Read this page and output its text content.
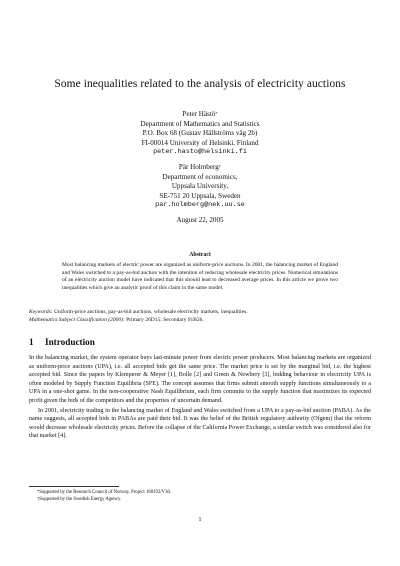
Some inequalities related to the analysis of electricity auctions
Peter Hästö*
Department of Mathematics and Statistics
P.O. Box 68 (Gustav Hällströms väg 2b)
FI-00014 University of Helsinki, Finland
peter.hasto@helsinki.fi
Pär Holmberg†
Department of economics,
Uppsala University,
SE-751 20 Uppsala, Sweden
par.holmberg@nek.uu.se
August 22, 2005
Abstract
Most balancing markets of electric power are organized as uniform-price auctions. In 2001, the balancing market of England and Wales switched to a pay-as-bid auction with the intention of reducing wholesale electricity prices. Numerical simulations of an electricity auction model have indicated that this should lead to decreased average prices. In this article we prove two inequalities which give an analytic proof of this claim in the same model.
Keywords: Uniform-price auctions, pay-as-bid auctions, wholesale electricity markets, inequalities.
Mathematics Subject Classification (2000): Primary 26D15; Secondary 91B26.
1 Introduction

In the balancing market, the system operator buys last-minute power from electric power producers. Most balancing markets are organized as uniform-price auctions (UPA), i.e. all accepted bids get the same price. The market price is set by the marginal bid, i.e. the highest accepted bid. Since the papers by Klemperer & Meyer [1], Bolle [2] and Green & Newbery [3], bidding behaviour in electricity UPA is often modeled by Supply Function Equilibria (SFE). The concept assumes that firms submit smooth supply functions simultaneously to a UPA in a one-shot game. In the non-cooperative Nash Equilibrium, each firm commits to the supply function that maximizes its expected profit given the bids of the competitors and the properties of uncertain demand.

In 2001, electricity trading in the balancing market of England and Wales switched from a UPA to a pay-as-bid auction (PABA). As the name suggests, all accepted bids in PABAs are paid their bid. It was the belief of the British regulatory authority (Ofgem) that the reform would decrease wholesale electricity prices. Before the collapse of the California Power Exchange, a similar switch was considered also for that market [4].

*Supported by the Research Council of Norway, Project 160192/V30.
†Supported by the Swedish Energy Agency.
1
